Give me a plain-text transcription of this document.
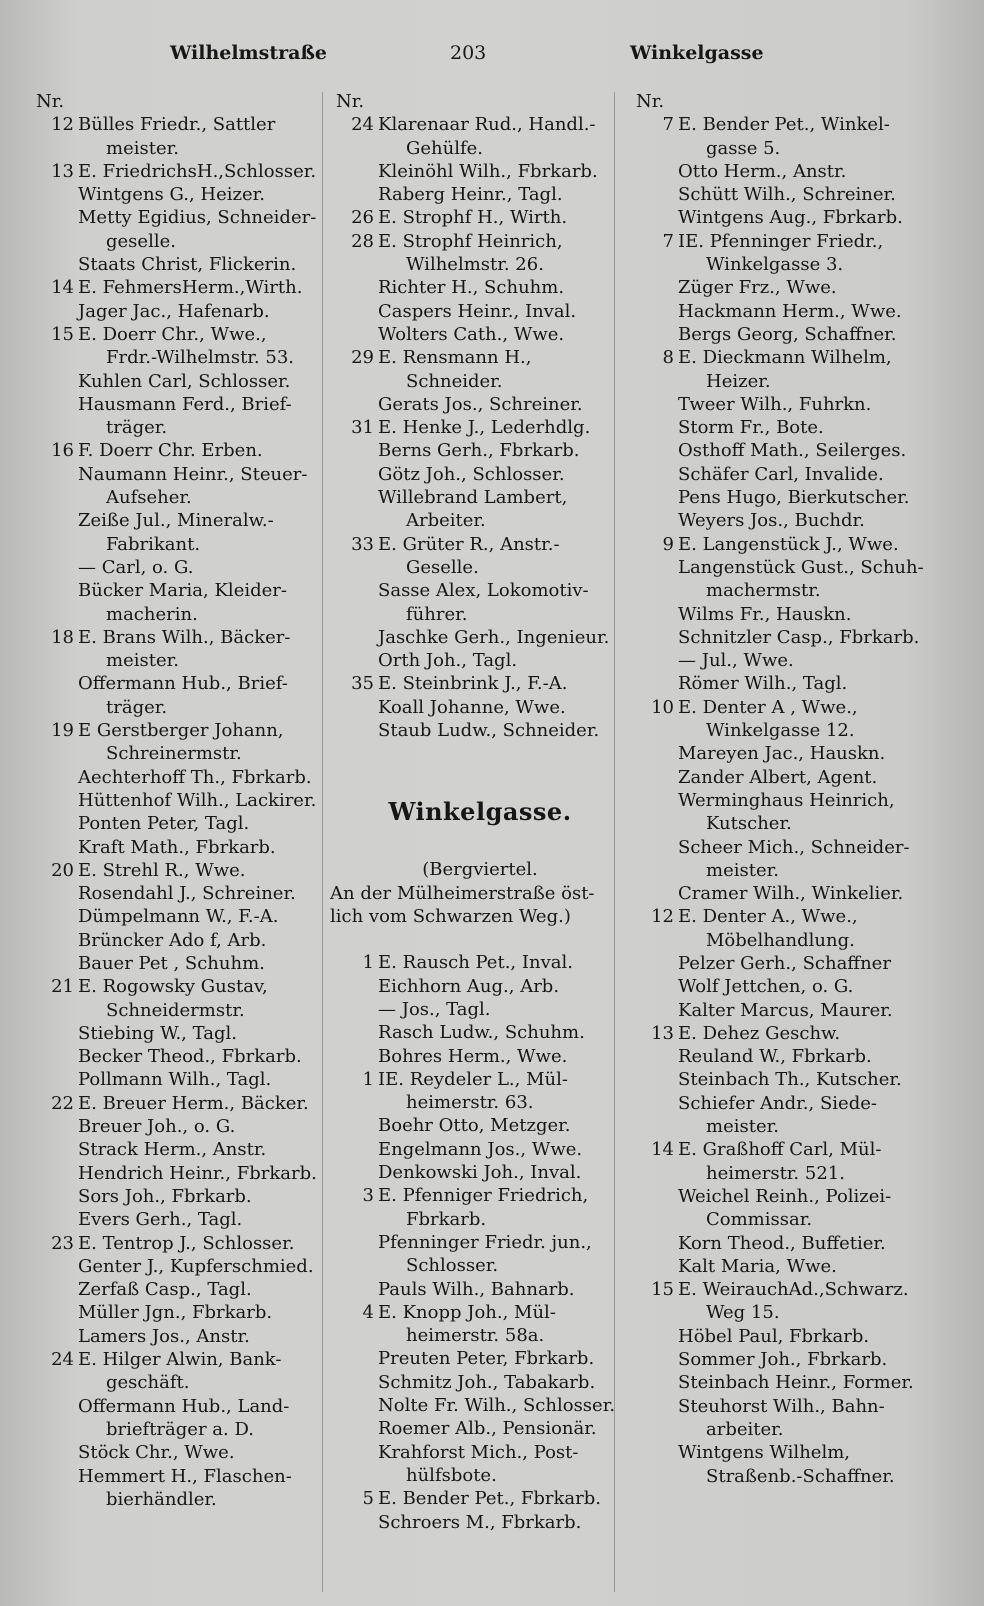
Wilhelmstraße	203	Winkelgasse
Nr.
12 Bülles Friedr., Sattler
meister.
13 E. FriedrichsH.,Schlosser.
Wintgens G., Heizer.
Metty Egidius, Schneider-
geselle.
Staats Christ, Flickerin.
14 E. FehmersHerm.,Wirth.
Jager Jac., Hafenarb.
15 E. Doerr Chr., Wwe.,
Frdr.-Wilhelmstr. 53.
Kuhlen Carl, Schlosser.
Hausmann Ferd., Brief-
träger.
16 F. Doerr Chr. Erben.
Naumann Heinr., Steuer-
Aufseher.
Zeiße Jul., Mineralw.-
Fabrikant.
— Carl, o. G.
Bücker Maria, Kleider-
macherin.
18 E. Brans Wilh., Bäcker-
meister.
Offermann Hub., Brief-
träger.
19 E Gerstberger Johann,
Schreinermstr.
Aechterhoff Th., Fbrkarb.
Hüttenhof Wilh., Lackirer.
Ponten Peter, Tagl.
Kraft Math., Fbrkarb.
20 E. Strehl R., Wwe.
Rosendahl J., Schreiner.
Dümpelmann W., F.-A.
Brüncker Ado f, Arb.
Bauer Pet , Schuhm.
21 E. Rogowsky Gustav,
Schneidermstr.
Stiebing W., Tagl.
Becker Theod., Fbrkarb.
Pollmann Wilh., Tagl.
22 E. Breuer Herm., Bäcker.
Breuer Joh., o. G.
Strack Herm., Anstr.
Hendrich Heinr., Fbrkarb.
Sors Joh., Fbrkarb.
Evers Gerh., Tagl.
23 E. Tentrop J., Schlosser.
Genter J., Kupferschmied.
Zerfaß Casp., Tagl.
Müller Jgn., Fbrkarb.
Lamers Jos., Anstr.
24 E. Hilger Alwin, Bank-
geschäft.
Offermann Hub., Land-
briefträger a. D.
Stöck Chr., Wwe.
Hemmert H., Flaschen-
bierhändler.
Nr.
24 Klarenaar Rud., Handl.-
Gehülfe.
Kleinöhl Wilh., Fbrkarb.
Raberg Heinr., Tagl.
26 E. Strophf H., Wirth.
28 E. Strophf Heinrich,
Wilhelmstr. 26.
Richter H., Schuhm.
Caspers Heinr., Inval.
Wolters Cath., Wwe.
29 E. Rensmann H.,
Schneider.
Gerats Jos., Schreiner.
31 E. Henke J., Lederhdlg.
Berns Gerh., Fbrkarb.
Götz Joh., Schlosser.
Willebrand Lambert,
Arbeiter.
33 E. Grüter R., Anstr.-
Geselle.
Sasse Alex, Lokomotiv-
führer.
Jaschke Gerh., Ingenieur.
Orth Joh., Tagl.
35 E. Steinbrink J., F.-A.
Koall Johanne, Wwe.
Staub Ludw., Schneider.
Winkelgasse.
(Bergviertel.
An der Mülheimerstraße öst-
lich vom Schwarzen Weg.)
1 E. Rausch Pet., Inval.
Eichhorn Aug., Arb.
— Jos., Tagl.
Rasch Ludw., Schuhm.
Bohres Herm., Wwe.
1 IE. Reydeler L., Mül-
heimerstr. 63.
Boehr Otto, Metzger.
Engelmann Jos., Wwe.
Denkowski Joh., Inval.
3 E. Pfenniger Friedrich,
Fbrkarb.
Pfenninger Friedr. jun.,
Schlosser.
Pauls Wilh., Bahnarb.
4 E. Knopp Joh., Mül-
heimerstr. 58a.
Preuten Peter, Fbrkarb.
Schmitz Joh., Tabakarb.
Nolte Fr. Wilh., Schlosser.
Roemer Alb., Pensionär.
Krahforst Mich., Post-
hülfsbote.
5 E. Bender Pet., Fbrkarb.
Schroers M., Fbrkarb.
Nr.
7 E. Bender Pet., Winkel-
gasse 5.
Otto Herm., Anstr.
Schütt Wilh., Schreiner.
Wintgens Aug., Fbrkarb.
7 IE. Pfenninger Friedr.,
Winkelgasse 3.
Züger Frz., Wwe.
Hackmann Herm., Wwe.
Bergs Georg, Schaffner.
8 E. Dieckmann Wilhelm,
Heizer.
Tweer Wilh., Fuhrkn.
Storm Fr., Bote.
Osthoff Math., Seilerges.
Schäfer Carl, Invalide.
Pens Hugo, Bierkutscher.
Weyers Jos., Buchdr.
9 E. Langenstück J., Wwe.
Langenstück Gust., Schuh-
machermstr.
Wilms Fr., Hauskn.
Schnitzler Casp., Fbrkarb.
— Jul., Wwe.
Römer Wilh., Tagl.
10 E. Denter A , Wwe.,
Winkelgasse 12.
Mareyen Jac., Hauskn.
Zander Albert, Agent.
Werminghaus Heinrich,
Kutscher.
Scheer Mich., Schneider-
meister.
Cramer Wilh., Winkelier.
12 E. Denter A., Wwe.,
Möbelhandlung.
Pelzer Gerh., Schaffner
Wolf Jettchen, o. G.
Kalter Marcus, Maurer.
13 E. Dehez Geschw.
Reuland W., Fbrkarb.
Steinbach Th., Kutscher.
Schiefer Andr., Siede-
meister.
14 E. Graßhoff Carl, Mül-
heimerstr. 521.
Weichel Reinh., Polizei-
Commissar.
Korn Theod., Buffetier.
Kalt Maria, Wwe.
15 E. WeirauchAd.,Schwarz.
Weg 15.
Höbel Paul, Fbrkarb.
Sommer Joh., Fbrkarb.
Steinbach Heinr., Former.
Steuhorst Wilh., Bahn-
arbeiter.
Wintgens Wilhelm,
Straßenb.-Schaffner.
